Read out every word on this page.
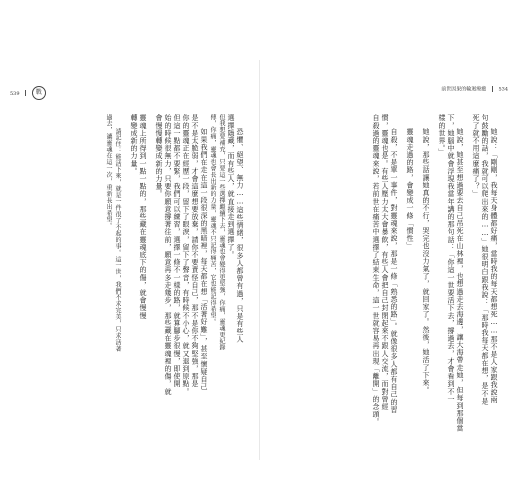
539	戰	前世因果的輪迴療癒 534
恐懼、絕望、無力……這些情緒，很多人都曾有過，只是有些人
選擇隱藏，而有些人，就直接走到選擇了。
但我想要補充，只要這一些選擇繼續下去，靈魂也會變得更堅強，你痛，靈魂更紀錄
傳，你痛，靈魂也會長出新的力量，靈魂不只記得痛苦，它也能記得希望。
如果我們在走在這一段很深的黑暗裡，每天都在想「活著好難」，甚至懷疑自己
是不是太脆弱，才會這麼想要放棄，請你不要責怪自己，那不是你不夠堅強，那是
你的靈魂正在經歷一段，留下了眼淚，留下了聲音，有時候不小心，就又退到原點。
但這一點都不要緊，我們可以練習，選擇一條不一樣的路，就算腳步很慢，即使開
始的時候很無力，只要你願意撐著往前，願意再多走幾步，那些藏在靈魂裡的傷，就
會慢慢轉變成新的力量。
靈魂上所得到一點一點的，那些藏在靈魂底下的傷，就會慢慢
轉變成新的力量。
請記住：能活下來，就是一件很了不起的事。這一世，我們不求完美，只求活著
過去，讓靈魂在這一次，重新長出希望。	她說：「剛剛，我每天身體都好痛，當時我的每天都想死……那不是人家跟我說兩
句鼓勵的話，我就可以爬出來的……」她很明白跟我說：「那時我每天都在想，是不是
死了就不用這麼痛了？」
她說，她甚至想過要去自己吊死在山林裡，也想過走去海邊，讓大海帶走她，但每到那個當
下，她腦中就會浮現我當年講的那句話：「你這一世要活下去，撐過去，才會看到不一
樣的世界。」
她說，那些話讓她真的不行，哭完也沒力氣了，就回家了。然後，她活了下來。
靈魂走過的路，會變成一條「慣性」
自殺，不是單一事件，對靈魂來說，那是一條「熟悉的路」。就像很多人都有自己的習
慣，靈魂也是。有些人壓力太大會暴飲，有些人會把自己封閉起來不跟人交流，而對曾經
自殺過的靈魂來說，若前世在痛苦中選擇了結束生命，這一世就容易再出現「離開」的念頭。
